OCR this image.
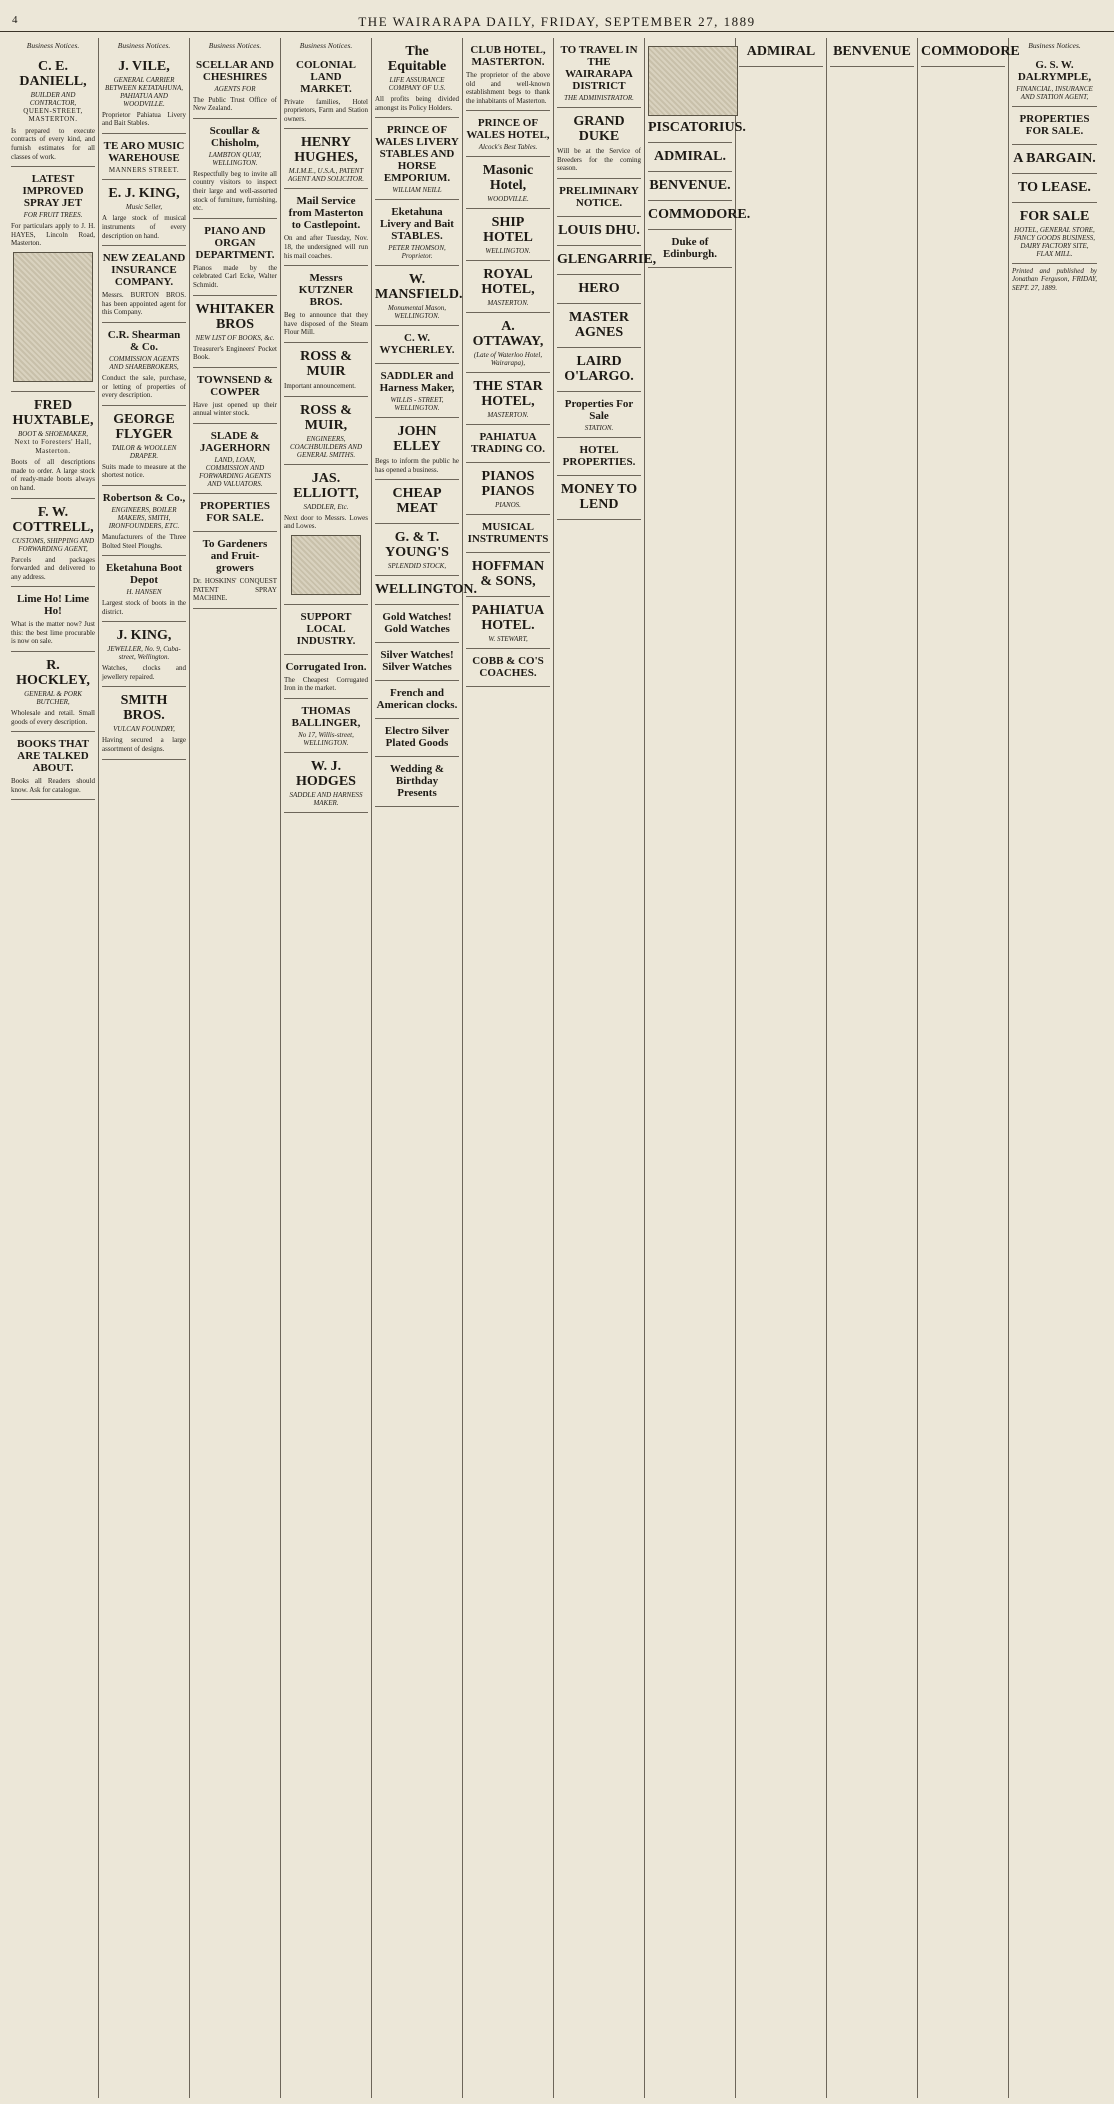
4	THE WAIRARAPA DAILY, FRIDAY, SEPTEMBER 27, 1889
Business Notices.
C. E. DANIELL,
BUILDER AND CONTRACTOR,
QUEEN-STREET, MASTERTON.
Is prepared to execute contracts of every kind, and furnish estimates for all classes of work.
LATEST IMPROVED SPRAY JET
FOR FRUIT TREES.
For particulars apply to J. H. HAYES, Lincoln Road, Masterton.
FRED HUXTABLE,
BOOT & SHOEMAKER,
Next to Foresters' Hall, Masterton.
Boots of all descriptions made to order. A large stock of ready-made boots always on hand.
F. W. COTTRELL,
CUSTOMS, SHIPPING AND FORWARDING AGENT,
Parcels and packages forwarded and delivered to any address.
Lime Ho! Lime Ho!
What is the matter now? Just this: the best lime procurable is now on sale.
R. HOCKLEY,
GENERAL & PORK BUTCHER,
Wholesale and retail. Small goods of every description.
BOOKS THAT ARE TALKED ABOUT.
Books all Readers should know. Ask for catalogue.
Business Notices.
J. VILE,
GENERAL CARRIER BETWEEN KETATAHUNA, PAHIATUA AND WOODVILLE.
Proprietor Pahiatua Livery and Bait Stables.
TE ARO MUSIC WAREHOUSE
MANNERS STREET.
E. J. KING,
Music Seller,
A large stock of musical instruments of every description on hand.
NEW ZEALAND INSURANCE COMPANY.
Messrs. BURTON BROS. has been appointed agent for this Company.
C.R. Shearman & Co.
COMMISSION AGENTS AND SHAREBROKERS,
Conduct the sale, purchase, or letting of properties of every description.
GEORGE FLYGER
TAILOR & WOOLLEN DRAPER.
Suits made to measure at the shortest notice.
Robertson & Co.,
ENGINEERS, BOILER MAKERS, SMITH, IRONFOUNDERS, ETC.
Manufacturers of the Three Bolted Steel Ploughs.
Eketahuna Boot Depot
H. HANSEN
Largest stock of boots in the district.
J. KING,
JEWELLER, No. 9, Cuba-street, Wellington.
Watches, clocks and jewellery repaired.
SMITH BROS.
VULCAN FOUNDRY,
Having secured a large assortment of designs.
Business Notices.
SCELLAR AND CHESHIRES
AGENTS FOR
The Public Trust Office of New Zealand.
Scoullar & Chisholm,
LAMBTON QUAY, WELLINGTON.
Respectfully beg to invite all country visitors to inspect their large and well-assorted stock of furniture, furnishing, etc.
PIANO AND ORGAN DEPARTMENT.
Pianos made by the celebrated Carl Ecke, Walter Schmidt.
WHITAKER BROS
NEW LIST OF BOOKS, &c.
Treasurer's Engineers' Pocket Book.
TOWNSEND & COWPER
Have just opened up their annual winter stock.
SLADE & JAGERHORN
LAND, LOAN, COMMISSION AND FORWARDING AGENTS AND VALUATORS.
PROPERTIES FOR SALE.
To Gardeners and Fruit-growers
Dr. HOSKINS' CONQUEST PATENT SPRAY MACHINE.
Business Notices.
COLONIAL LAND MARKET.
Private families, Hotel proprietors, Farm and Station owners.
HENRY HUGHES,
M.I.M.E., U.S.A., PATENT AGENT AND SOLICITOR.
Mail Service from Masterton to Castlepoint.
On and after Tuesday, Nov. 18, the undersigned will run his mail coaches.
Messrs KUTZNER BROS.
Beg to announce that they have disposed of the Steam Flour Mill.
ROSS & MUIR
Important announcement.
ROSS & MUIR,
ENGINEERS, COACHBUILDERS AND GENERAL SMITHS.
JAS. ELLIOTT,
SADDLER, Etc.
Next door to Messrs. Lowes and Lowes.
SUPPORT LOCAL INDUSTRY.
Corrugated Iron.
The Cheapest Corrugated Iron in the market.
THOMAS BALLINGER,
No 17, Willis-street, WELLINGTON.
W. J. HODGES
SADDLE AND HARNESS MAKER.
The Equitable
LIFE ASSURANCE COMPANY OF U.S.
All profits being divided amongst its Policy Holders.
PRINCE OF WALES LIVERY STABLES AND HORSE EMPORIUM.
WILLIAM NEILL
Eketahuna Livery and Bait STABLES.
PETER THOMSON, Proprietor.
W. MANSFIELD.
Monumental Mason, WELLINGTON.
C. W. WYCHERLEY.
SADDLER and Harness Maker,
WILLIS - STREET, WELLINGTON.
JOHN ELLEY
Begs to inform the public he has opened a business.
CHEAP MEAT
G. & T. YOUNG'S
SPLENDID STOCK,
WELLINGTON.
Gold Watches! Gold Watches
Silver Watches! Silver Watches
French and American clocks.
Electro Silver Plated Goods
Wedding & Birthday Presents
CLUB HOTEL, MASTERTON.
The proprietor of the above old and well-known establishment begs to thank the inhabitants of Masterton.
PRINCE OF WALES HOTEL,
Alcock's Best Tables.
Masonic Hotel,
WOODVILLE.
SHIP HOTEL
WELLINGTON.
ROYAL HOTEL,
MASTERTON.
A. OTTAWAY,
(Late of Waterloo Hotel, Wairarapa),
THE STAR HOTEL,
MASTERTON.
PAHIATUA TRADING CO.
PIANOS PIANOS
PIANOS.
MUSICAL INSTRUMENTS
HOFFMAN & SONS,
PAHIATUA HOTEL.
W. STEWART,
COBB & CO'S COACHES.
TO TRAVEL IN THE WAIRARAPA DISTRICT
THE ADMINISTRATOR.
GRAND DUKE
Will be at the Service of Breeders for the coming season.
PRELIMINARY NOTICE.
LOUIS DHU.
GLENGARRIE,
HERO
MASTER AGNES
LAIRD O'LARGO.
Properties For Sale
STATION.
HOTEL PROPERTIES.
MONEY TO LEND
PISCATORIUS.
ADMIRAL.
BENVENUE.
COMMODORE.
Duke of Edinburgh.
ADMIRAL	BENVENUE COMMODORE	Business Notices.
G. S. W. DALRYMPLE,
FINANCIAL, INSURANCE AND STATION AGENT,
PROPERTIES FOR SALE.
A BARGAIN.
TO LEASE.
FOR SALE
HOTEL, GENERAL STORE, FANCY GOODS BUSINESS, DAIRY FACTORY SITE, FLAX MILL.
Printed and published by Jonathan Ferguson, FRIDAY, SEPT. 27, 1889.
